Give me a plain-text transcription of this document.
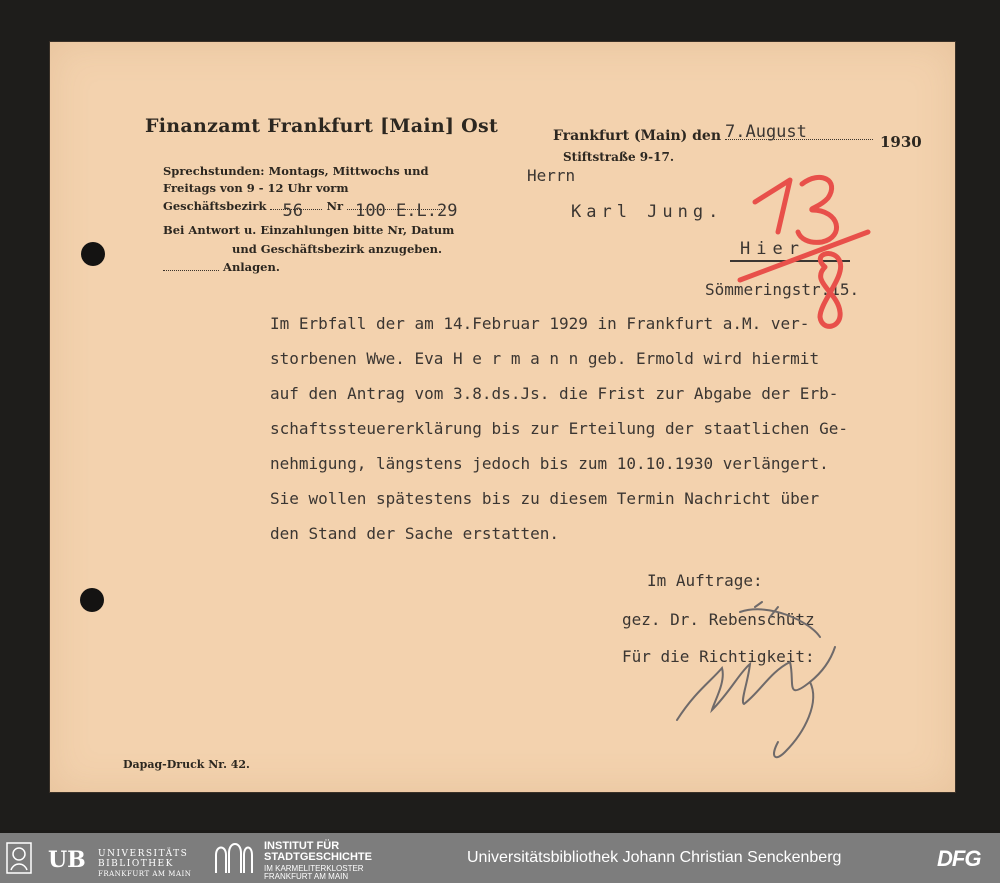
Finanzamt Frankfurt [Main] Ost
Sprechstunden: Montags, Mittwochs und
Freitags von 9 - 12 Uhr vorm
Geschäftsbezirk 56 Nr 100 E.L.29
Bei Antwort u. Einzahlungen bitte Nr, Datum
und Geschäftsbezirk anzugeben.
Anlagen.
Frankfurt (Main) den 7.August	1930
Stiftstraße 9-17.
Herrn
Karl Jung.
Hier.
Sömmeringstr.15.
Im Erbfall der am 14.Februar 1929 in Frankfurt a.M. ver-
storbenen Wwe. Eva H e r m a n n geb. Ermold wird hiermit
auf den Antrag vom 3.8.ds.Js. die Frist zur Abgabe der Erb-
schaftssteuererklärung bis zur Erteilung der staatlichen Ge-
nehmigung, längstens jedoch bis zum 10.10.1930 verlängert.
Sie wollen spätestens bis zu diesem Termin Nachricht über
den Stand der Sache erstatten.
Im Auftrage:
gez. Dr. Rebenschütz
Für die Richtigkeit:
Dapag-Druck Nr. 42.
UB UNIVERSITÄTS
BIBLIOTHEK
FRANKFURT AM MAIN
INSTITUT FÜR
STADTGESCHICHTE
IM KARMELITERKLOSTER
FRANKFURT AM MAIN
Universitätsbibliothek Johann Christian Senckenberg	DFG
